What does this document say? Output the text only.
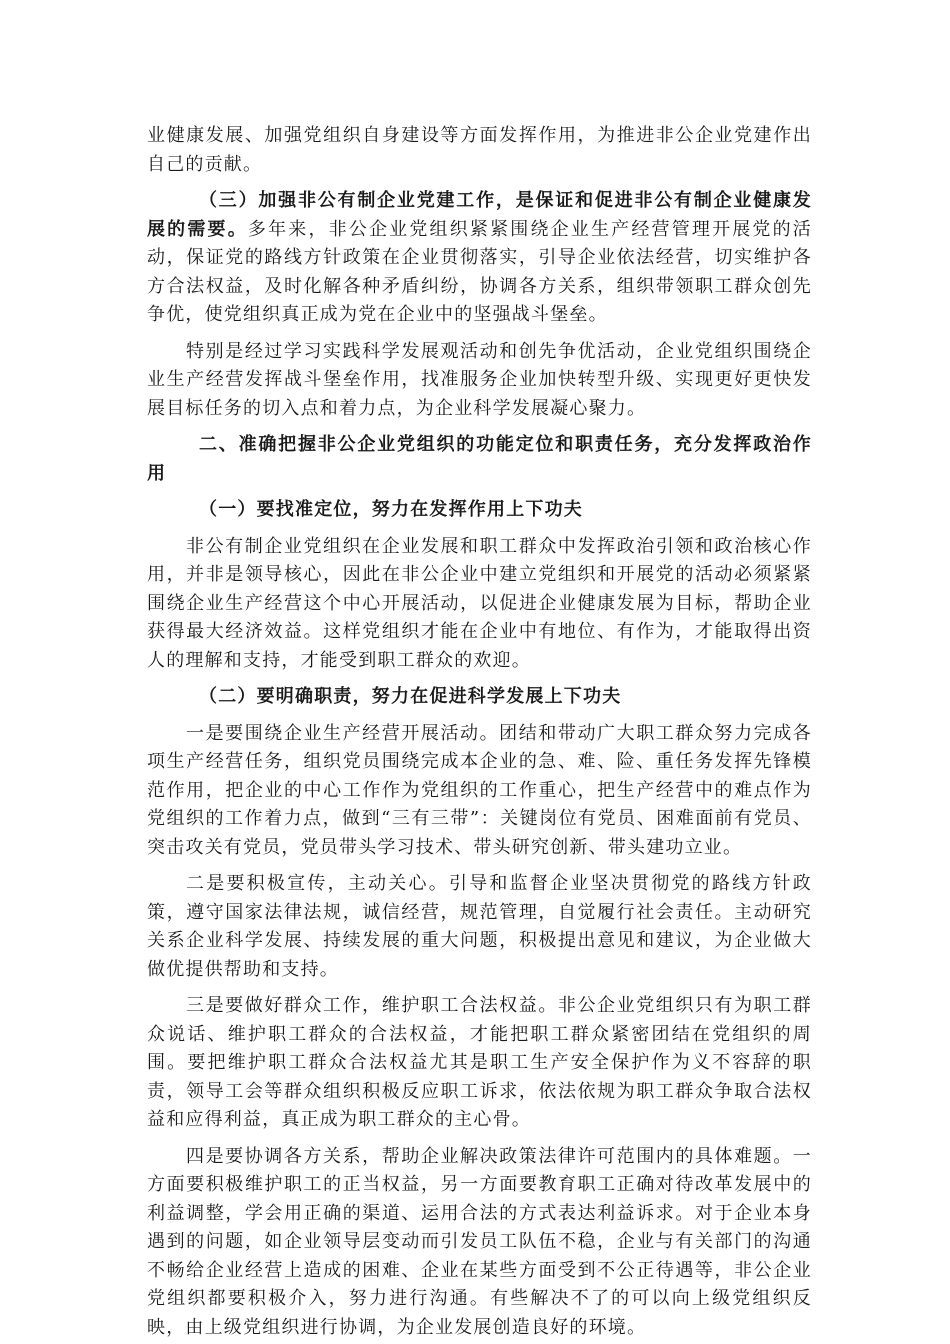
业健康发展、加强党组织自身建设等方面发挥作用，为推进非公企业党建作出自己的贡献。

（三）加强非公有制企业党建工作，是保证和促进非公有制企业健康发展的需要。多年来，非公企业党组织紧紧围绕企业生产经营管理开展党的活动，保证党的路线方针政策在企业贯彻落实，引导企业依法经营，切实维护各方合法权益，及时化解各种矛盾纠纷，协调各方关系，组织带领职工群众创先争优，使党组织真正成为党在企业中的坚强战斗堡垒。

特别是经过学习实践科学发展观活动和创先争优活动，企业党组织围绕企业生产经营发挥战斗堡垒作用，找准服务企业加快转型升级、实现更好更快发展目标任务的切入点和着力点，为企业科学发展凝心聚力。

二、准确把握非公企业党组织的功能定位和职责任务，充分发挥政治作用

（一）要找准定位，努力在发挥作用上下功夫

非公有制企业党组织在企业发展和职工群众中发挥政治引领和政治核心作用，并非是领导核心，因此在非公企业中建立党组织和开展党的活动必须紧紧围绕企业生产经营这个中心开展活动，以促进企业健康发展为目标，帮助企业获得最大经济效益。这样党组织才能在企业中有地位、有作为，才能取得出资人的理解和支持，才能受到职工群众的欢迎。

（二）要明确职责，努力在促进科学发展上下功夫

一是要围绕企业生产经营开展活动。团结和带动广大职工群众努力完成各项生产经营任务，组织党员围绕完成本企业的急、难、险、重任务发挥先锋模范作用，把企业的中心工作作为党组织的工作重心，把生产经营中的难点作为党组织的工作着力点，做到“三有三带”：关键岗位有党员、困难面前有党员、突击攻关有党员，党员带头学习技术、带头研究创新、带头建功立业。

二是要积极宣传，主动关心。引导和监督企业坚决贯彻党的路线方针政策，遵守国家法律法规，诚信经营，规范管理，自觉履行社会责任。主动研究关系企业科学发展、持续发展的重大问题，积极提出意见和建议，为企业做大做优提供帮助和支持。

三是要做好群众工作，维护职工合法权益。非公企业党组织只有为职工群众说话、维护职工群众的合法权益，才能把职工群众紧密团结在党组织的周围。要把维护职工群众合法权益尤其是职工生产安全保护作为义不容辞的职责，领导工会等群众组织积极反应职工诉求，依法依规为职工群众争取合法权益和应得利益，真正成为职工群众的主心骨。

四是要协调各方关系，帮助企业解决政策法律许可范围内的具体难题。一方面要积极维护职工的正当权益，另一方面要教育职工正确对待改革发展中的利益调整，学会用正确的渠道、运用合法的方式表达利益诉求。对于企业本身遇到的问题，如企业领导层变动而引发员工队伍不稳，企业与有关部门的沟通不畅给企业经营上造成的困难、企业在某些方面受到不公正待遇等，非公企业党组织都要积极介入，努力进行沟通。有些解决不了的可以向上级党组织反映，由上级党组织进行协调，为企业发展创造良好的环境。
